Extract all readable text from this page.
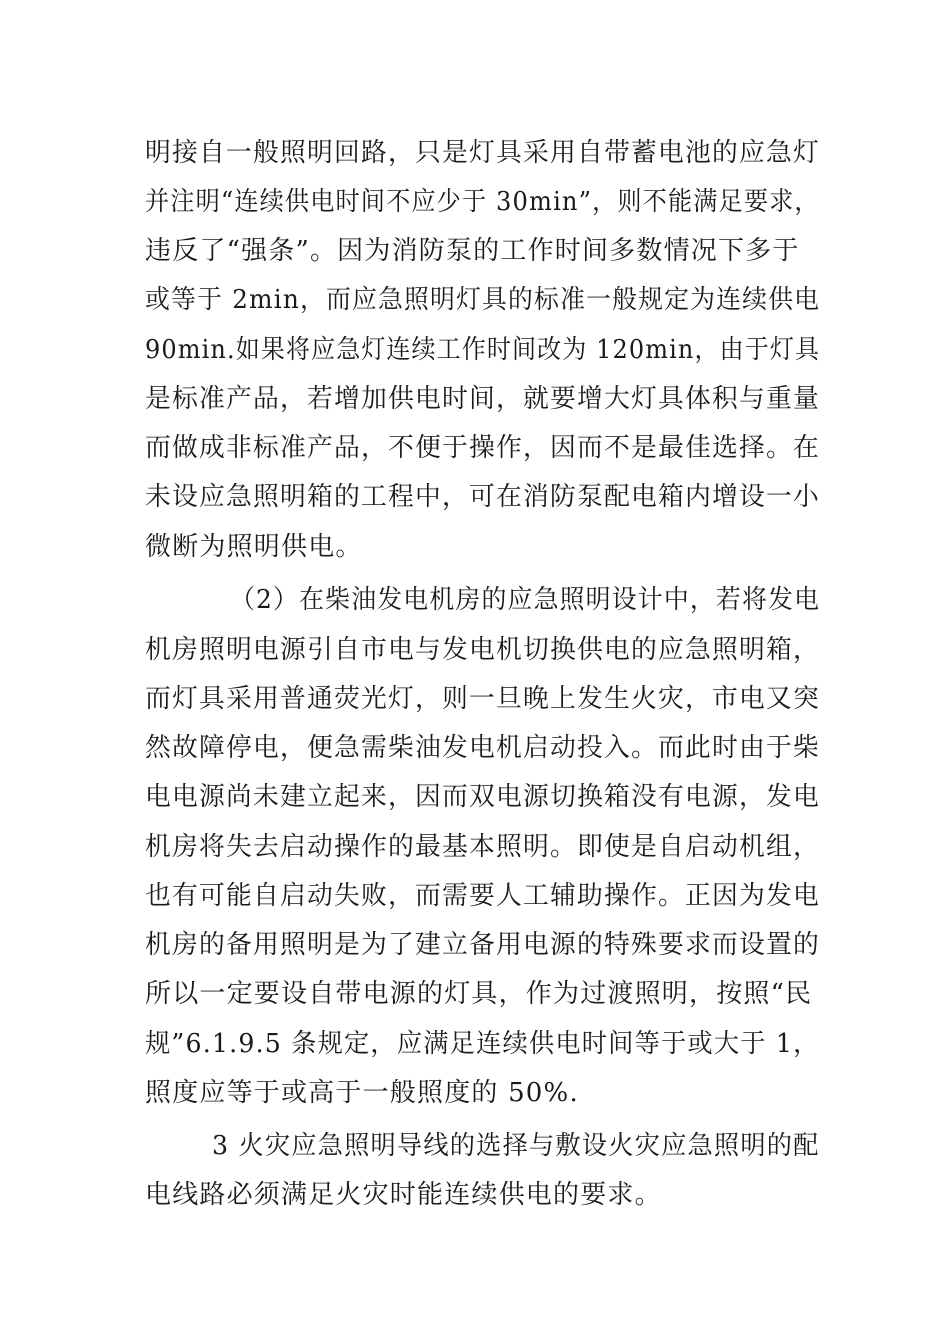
明接自一般照明回路，只是灯具采用自带蓄电池的应急灯
并注明“连续供电时间不应少于 30min”，则不能满足要求，
违反了“强条”。因为消防泵的工作时间多数情况下多于
或等于 2min，而应急照明灯具的标准一般规定为连续供电
90min.如果将应急灯连续工作时间改为 120min，由于灯具
是标准产品，若增加供电时间，就要增大灯具体积与重量
而做成非标准产品，不便于操作，因而不是最佳选择。在
未设应急照明箱的工程中，可在消防泵配电箱内增设一小
微断为照明供电。
（2）在柴油发电机房的应急照明设计中，若将发电
机房照明电源引自市电与发电机切换供电的应急照明箱，
而灯具采用普通荧光灯，则一旦晚上发生火灾，市电又突
然故障停电，便急需柴油发电机启动投入。而此时由于柴
电电源尚未建立起来，因而双电源切换箱没有电源，发电
机房将失去启动操作的最基本照明。即使是自启动机组，
也有可能自启动失败，而需要人工辅助操作。正因为发电
机房的备用照明是为了建立备用电源的特殊要求而设置的
所以一定要设自带电源的灯具，作为过渡照明，按照“民
规”6.1.9.5 条规定，应满足连续供电时间等于或大于 1，
照度应等于或高于一般照度的 50%.
3 火灾应急照明导线的选择与敷设火灾应急照明的配
电线路必须满足火灾时能连续供电的要求。
